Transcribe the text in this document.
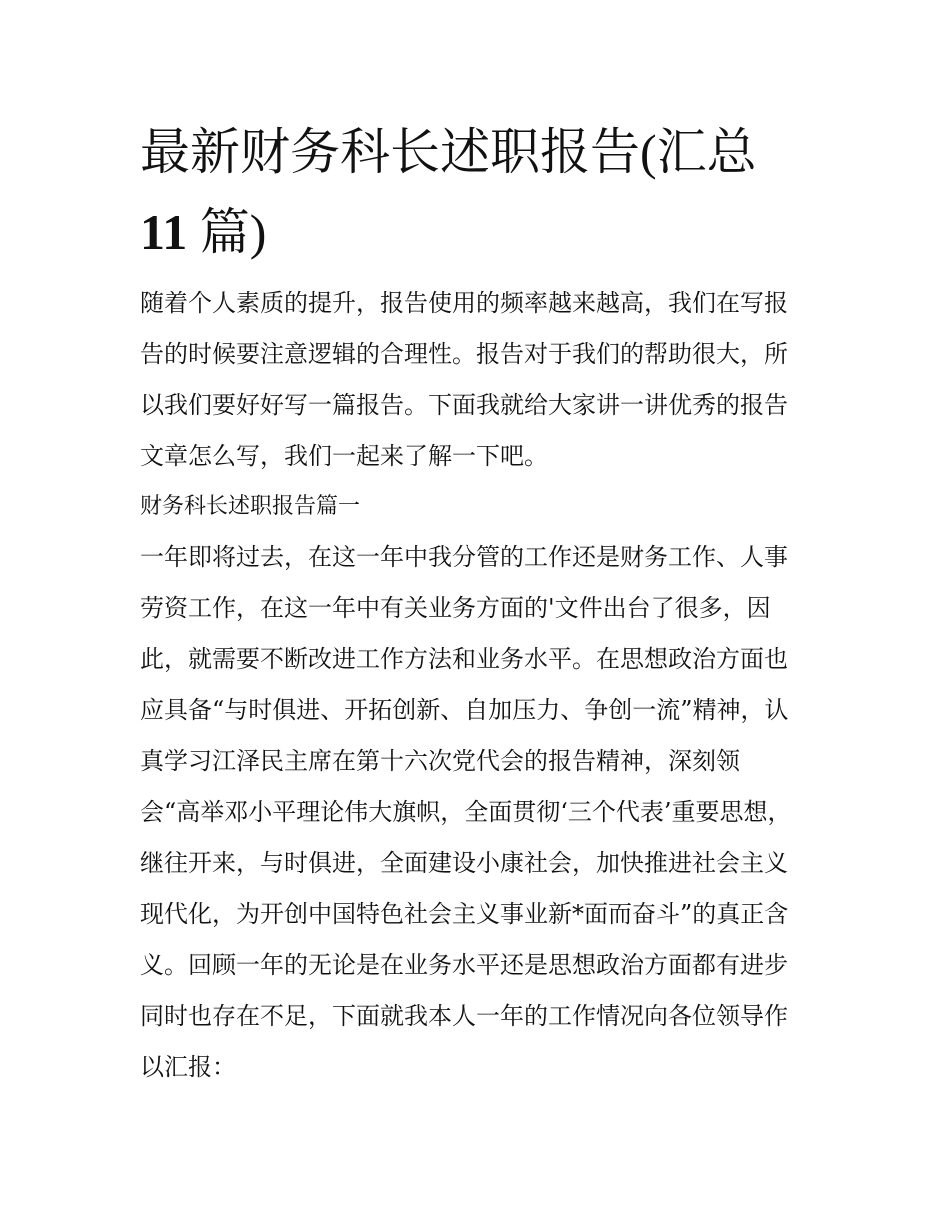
最新财务科长述职报告(汇总
11 篇)

随着个人素质的提升，报告使用的频率越来越高，我们在写报

告的时候要注意逻辑的合理性。报告对于我们的帮助很大，所

以我们要好好写一篇报告。下面我就给大家讲一讲优秀的报告

文章怎么写，我们一起来了解一下吧。

财务科长述职报告篇一

一年即将过去，在这一年中我分管的工作还是财务工作、人事

劳资工作，在这一年中有关业务方面的'文件出台了很多，因

此，就需要不断改进工作方法和业务水平。在思想政治方面也

应具备“与时俱进、开拓创新、自加压力、争创一流”精神，认

真学习江泽民主席在第十六次党代会的报告精神，深刻领

会“高举邓小平理论伟大旗帜，全面贯彻‘三个代表’重要思想，

继往开来，与时俱进，全面建设小康社会，加快推进社会主义

现代化，为开创中国特色社会主义事业新*面而奋斗”的真正含

义。回顾一年的无论是在业务水平还是思想政治方面都有进步

同时也存在不足，下面就我本人一年的工作情况向各位领导作

以汇报：
